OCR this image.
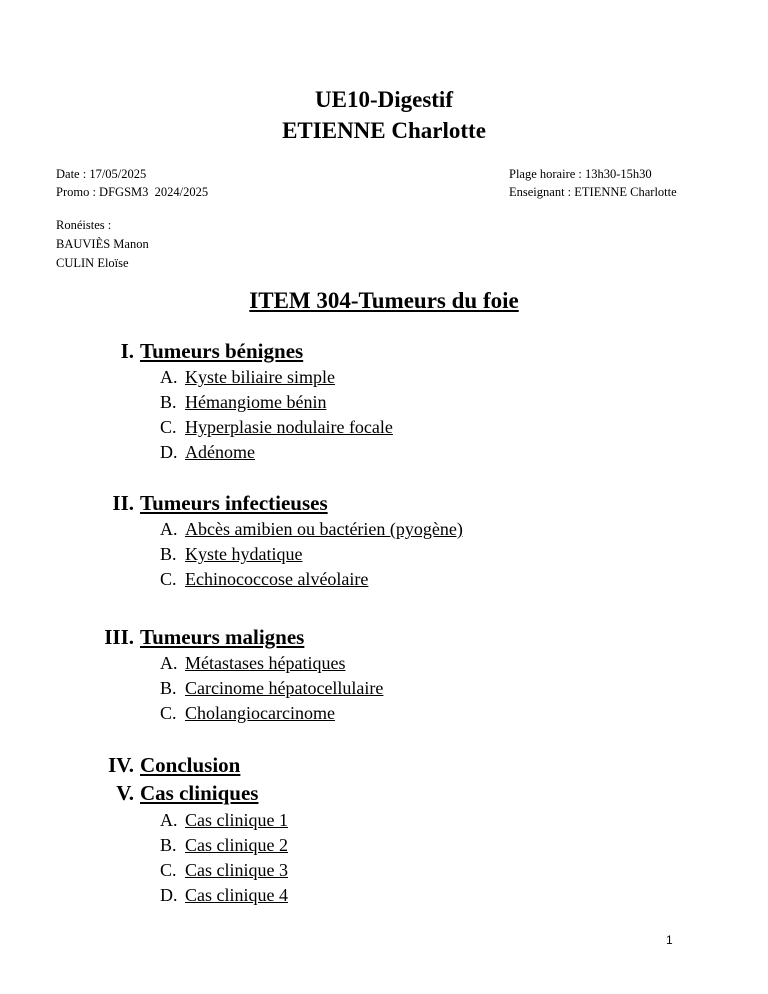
UE10-Digestif
ETIENNE Charlotte
Date : 17/05/2025
Promo : DFGSM3  2024/2025
Plage horaire : 13h30-15h30
Enseignant : ETIENNE Charlotte
Ronéistes :
BAUVIÈS Manon
CULIN Eloïse
ITEM 304-Tumeurs du foie
I. Tumeurs bénignes
A. Kyste biliaire simple
B. Hémangiome bénin
C. Hyperplasie nodulaire focale
D. Adénome
II. Tumeurs infectieuses
A. Abcès amibien ou bactérien (pyogène)
B. Kyste hydatique
C. Echinococcose alvéolaire
III. Tumeurs malignes
A. Métastases hépatiques
B. Carcinome hépatocellulaire
C. Cholangiocarcinome
IV. Conclusion
V. Cas cliniques
A. Cas clinique 1
B. Cas clinique 2
C. Cas clinique 3
D. Cas clinique 4
1
